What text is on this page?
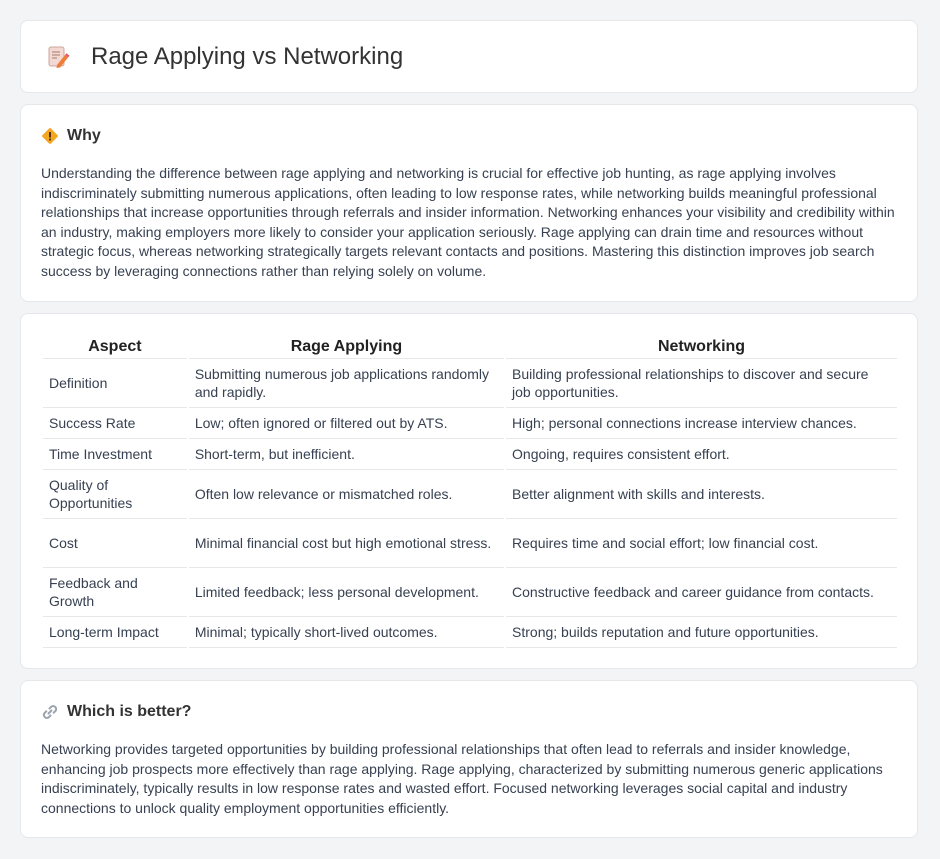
Rage Applying vs Networking
Why

Understanding the difference between rage applying and networking is crucial for effective job hunting, as rage applying involves indiscriminately submitting numerous applications, often leading to low response rates, while networking builds meaningful professional relationships that increase opportunities through referrals and insider information. Networking enhances your visibility and credibility within an industry, making employers more likely to consider your application seriously. Rage applying can drain time and resources without strategic focus, whereas networking strategically targets relevant contacts and positions. Mastering this distinction improves job search success by leveraging connections rather than relying solely on volume.

Aspect	Rage Applying	Networking
Definition	Submitting numerous job applications randomly and rapidly.	Building professional relationships to discover and secure job opportunities.
Success Rate	Low; often ignored or filtered out by ATS.	High; personal connections increase interview chances.
Time Investment	Short-term, but inefficient.	Ongoing, requires consistent effort.
Quality of Opportunities	Often low relevance or mismatched roles.	Better alignment with skills and interests.
Cost	Minimal financial cost but high emotional stress.	Requires time and social effort; low financial cost.
Feedback and Growth	Limited feedback; less personal development.	Constructive feedback and career guidance from contacts.
Long-term Impact	Minimal; typically short-lived outcomes.	Strong; builds reputation and future opportunities.
Which is better?

Networking provides targeted opportunities by building professional relationships that often lead to referrals and insider knowledge, enhancing job prospects more effectively than rage applying. Rage applying, characterized by submitting numerous generic applications indiscriminately, typically results in low response rates and wasted effort. Focused networking leverages social capital and industry connections to unlock quality employment opportunities efficiently.
